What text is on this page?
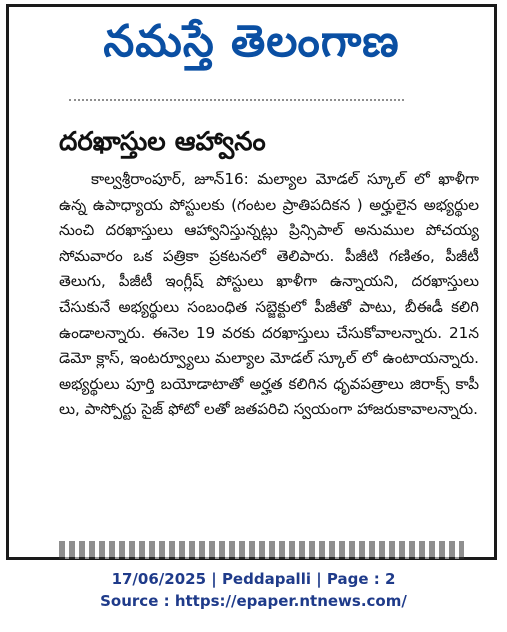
నమస్తే తెలంగాణ
దరఖాస్తుల ఆహ్వానం

కాల్వశ్రీరాంపూర్, జూన్16: మల్యాల మోడల్ స్కూల్ లో ఖాళీగా ఉన్న ఉపాధ్యాయ పోస్టులకు (గంటల ప్రాతిపదికన ) అర్హులైన అభ్యర్థుల నుంచి దరఖాస్తులు ఆహ్వానిస్తున్నట్లు ప్రిన్సిపాల్ అనుముల పోచయ్య సోమవారం ఒక పత్రికా ప్రకటనలో తెలిపారు. పీజీటి గణితం, పీజీటీ తెలుగు, పీజీటీ ఇంగ్లీష్ పోస్టులు ఖాళీగా ఉన్నాయని, దరఖాస్తులు చేసుకునే అభ్యర్థులు సంబంధిత సబ్జెక్టులో పీజీతో పాటు, బీఈడీ కలిగి ఉండాలన్నారు. ఈనెల 19 వరకు దరఖాస్తులు చేసుకోవాలన్నారు. 21న డెమో క్లాస్, ఇంటర్వ్యూలు మల్యాల మోడల్ స్కూల్ లో ఉంటాయన్నారు. అభ్యర్థులు పూర్తి బయోడాటాతో అర్హత కలిగిన ధృవపత్రాలు జిరాక్స్ కాపీ లు, పాస్పోర్టు సైజ్ ఫోటో లతో జతపరిచి స్వయంగా హాజరుకావాలన్నారు.

17/06/2025 | Peddapalli | Page : 2
Source : https://epaper.ntnews.com/
